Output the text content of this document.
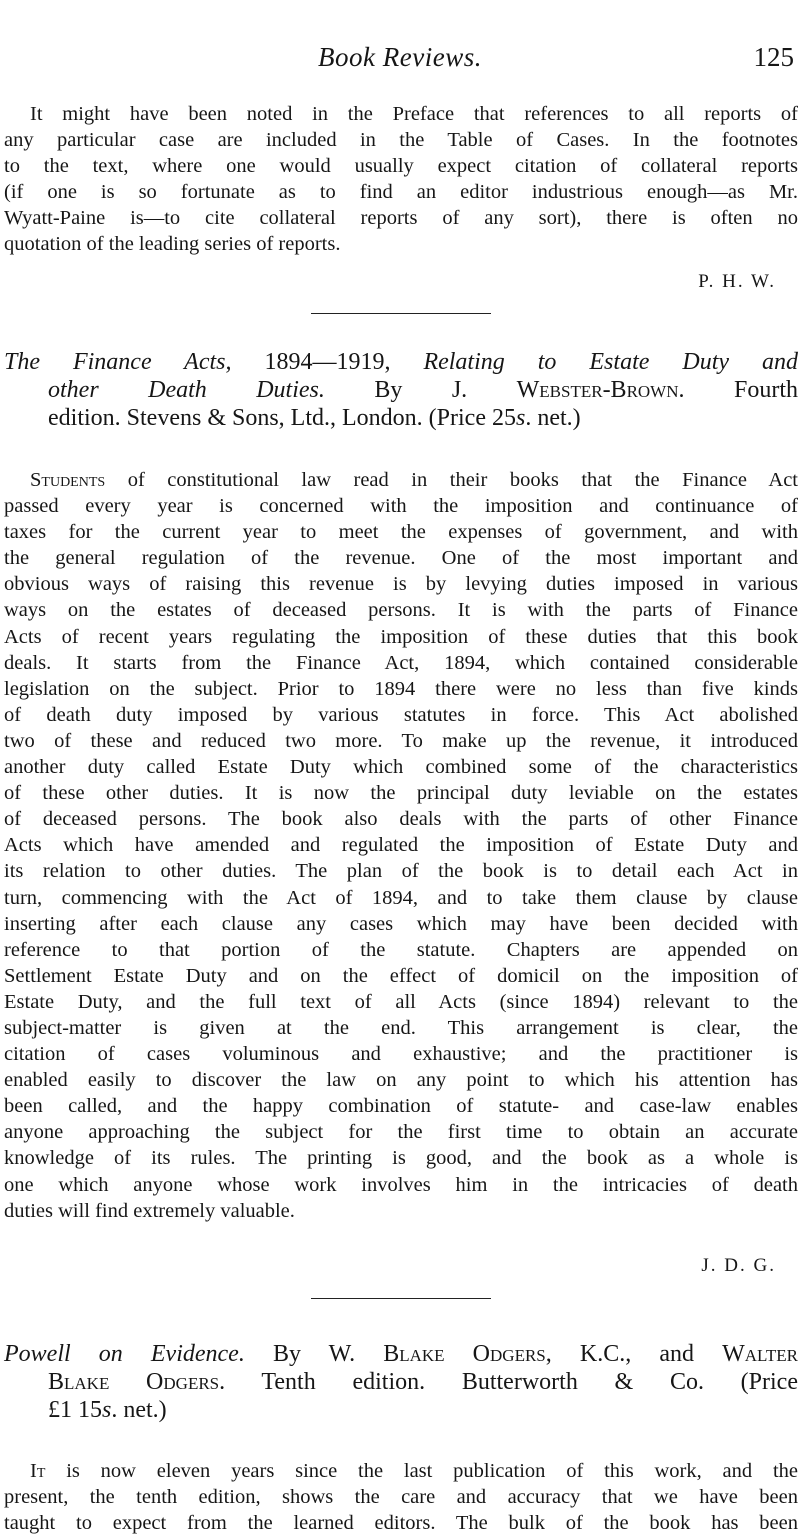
Book Reviews.	125
It might have been noted in the Preface that references to all reports of
any particular case are included in the Table of Cases. In the footnotes
to the text, where one would usually expect citation of collateral reports
(if one is so fortunate as to find an editor industrious enough—as Mr.
Wyatt-Paine is—to cite collateral reports of any sort), there is often no
quotation of the leading series of reports.
P. H. W.
The Finance Acts, 1894—1919, Relating to Estate Duty and
other Death Duties. By J. Webster-Brown. Fourth
edition. Stevens & Sons, Ltd., London. (Price 25s. net.)
Students of constitutional law read in their books that the Finance Act
passed every year is concerned with the imposition and continuance of
taxes for the current year to meet the expenses of government, and with
the general regulation of the revenue. One of the most important and
obvious ways of raising this revenue is by levying duties imposed in various
ways on the estates of deceased persons. It is with the parts of Finance
Acts of recent years regulating the imposition of these duties that this book
deals. It starts from the Finance Act, 1894, which contained considerable
legislation on the subject. Prior to 1894 there were no less than five kinds
of death duty imposed by various statutes in force. This Act abolished
two of these and reduced two more. To make up the revenue, it introduced
another duty called Estate Duty which combined some of the characteristics
of these other duties. It is now the principal duty leviable on the estates
of deceased persons. The book also deals with the parts of other Finance
Acts which have amended and regulated the imposition of Estate Duty and
its relation to other duties. The plan of the book is to detail each Act in
turn, commencing with the Act of 1894, and to take them clause by clause
inserting after each clause any cases which may have been decided with
reference to that portion of the statute. Chapters are appended on
Settlement Estate Duty and on the effect of domicil on the imposition of
Estate Duty, and the full text of all Acts (since 1894) relevant to the
subject-matter is given at the end. This arrangement is clear, the
citation of cases voluminous and exhaustive; and the practitioner is
enabled easily to discover the law on any point to which his attention has
been called, and the happy combination of statute- and case-law enables
anyone approaching the subject for the first time to obtain an accurate
knowledge of its rules. The printing is good, and the book as a whole is
one which anyone whose work involves him in the intricacies of death
duties will find extremely valuable.
J. D. G.
Powell on Evidence. By W. Blake Odgers, K.C., and Walter
Blake Odgers. Tenth edition. Butterworth & Co. (Price
£1 15s. net.)
It is now eleven years since the last publication of this work, and the
present, the tenth edition, shows the care and accuracy that we have been
taught to expect from the learned editors. The bulk of the book has been
